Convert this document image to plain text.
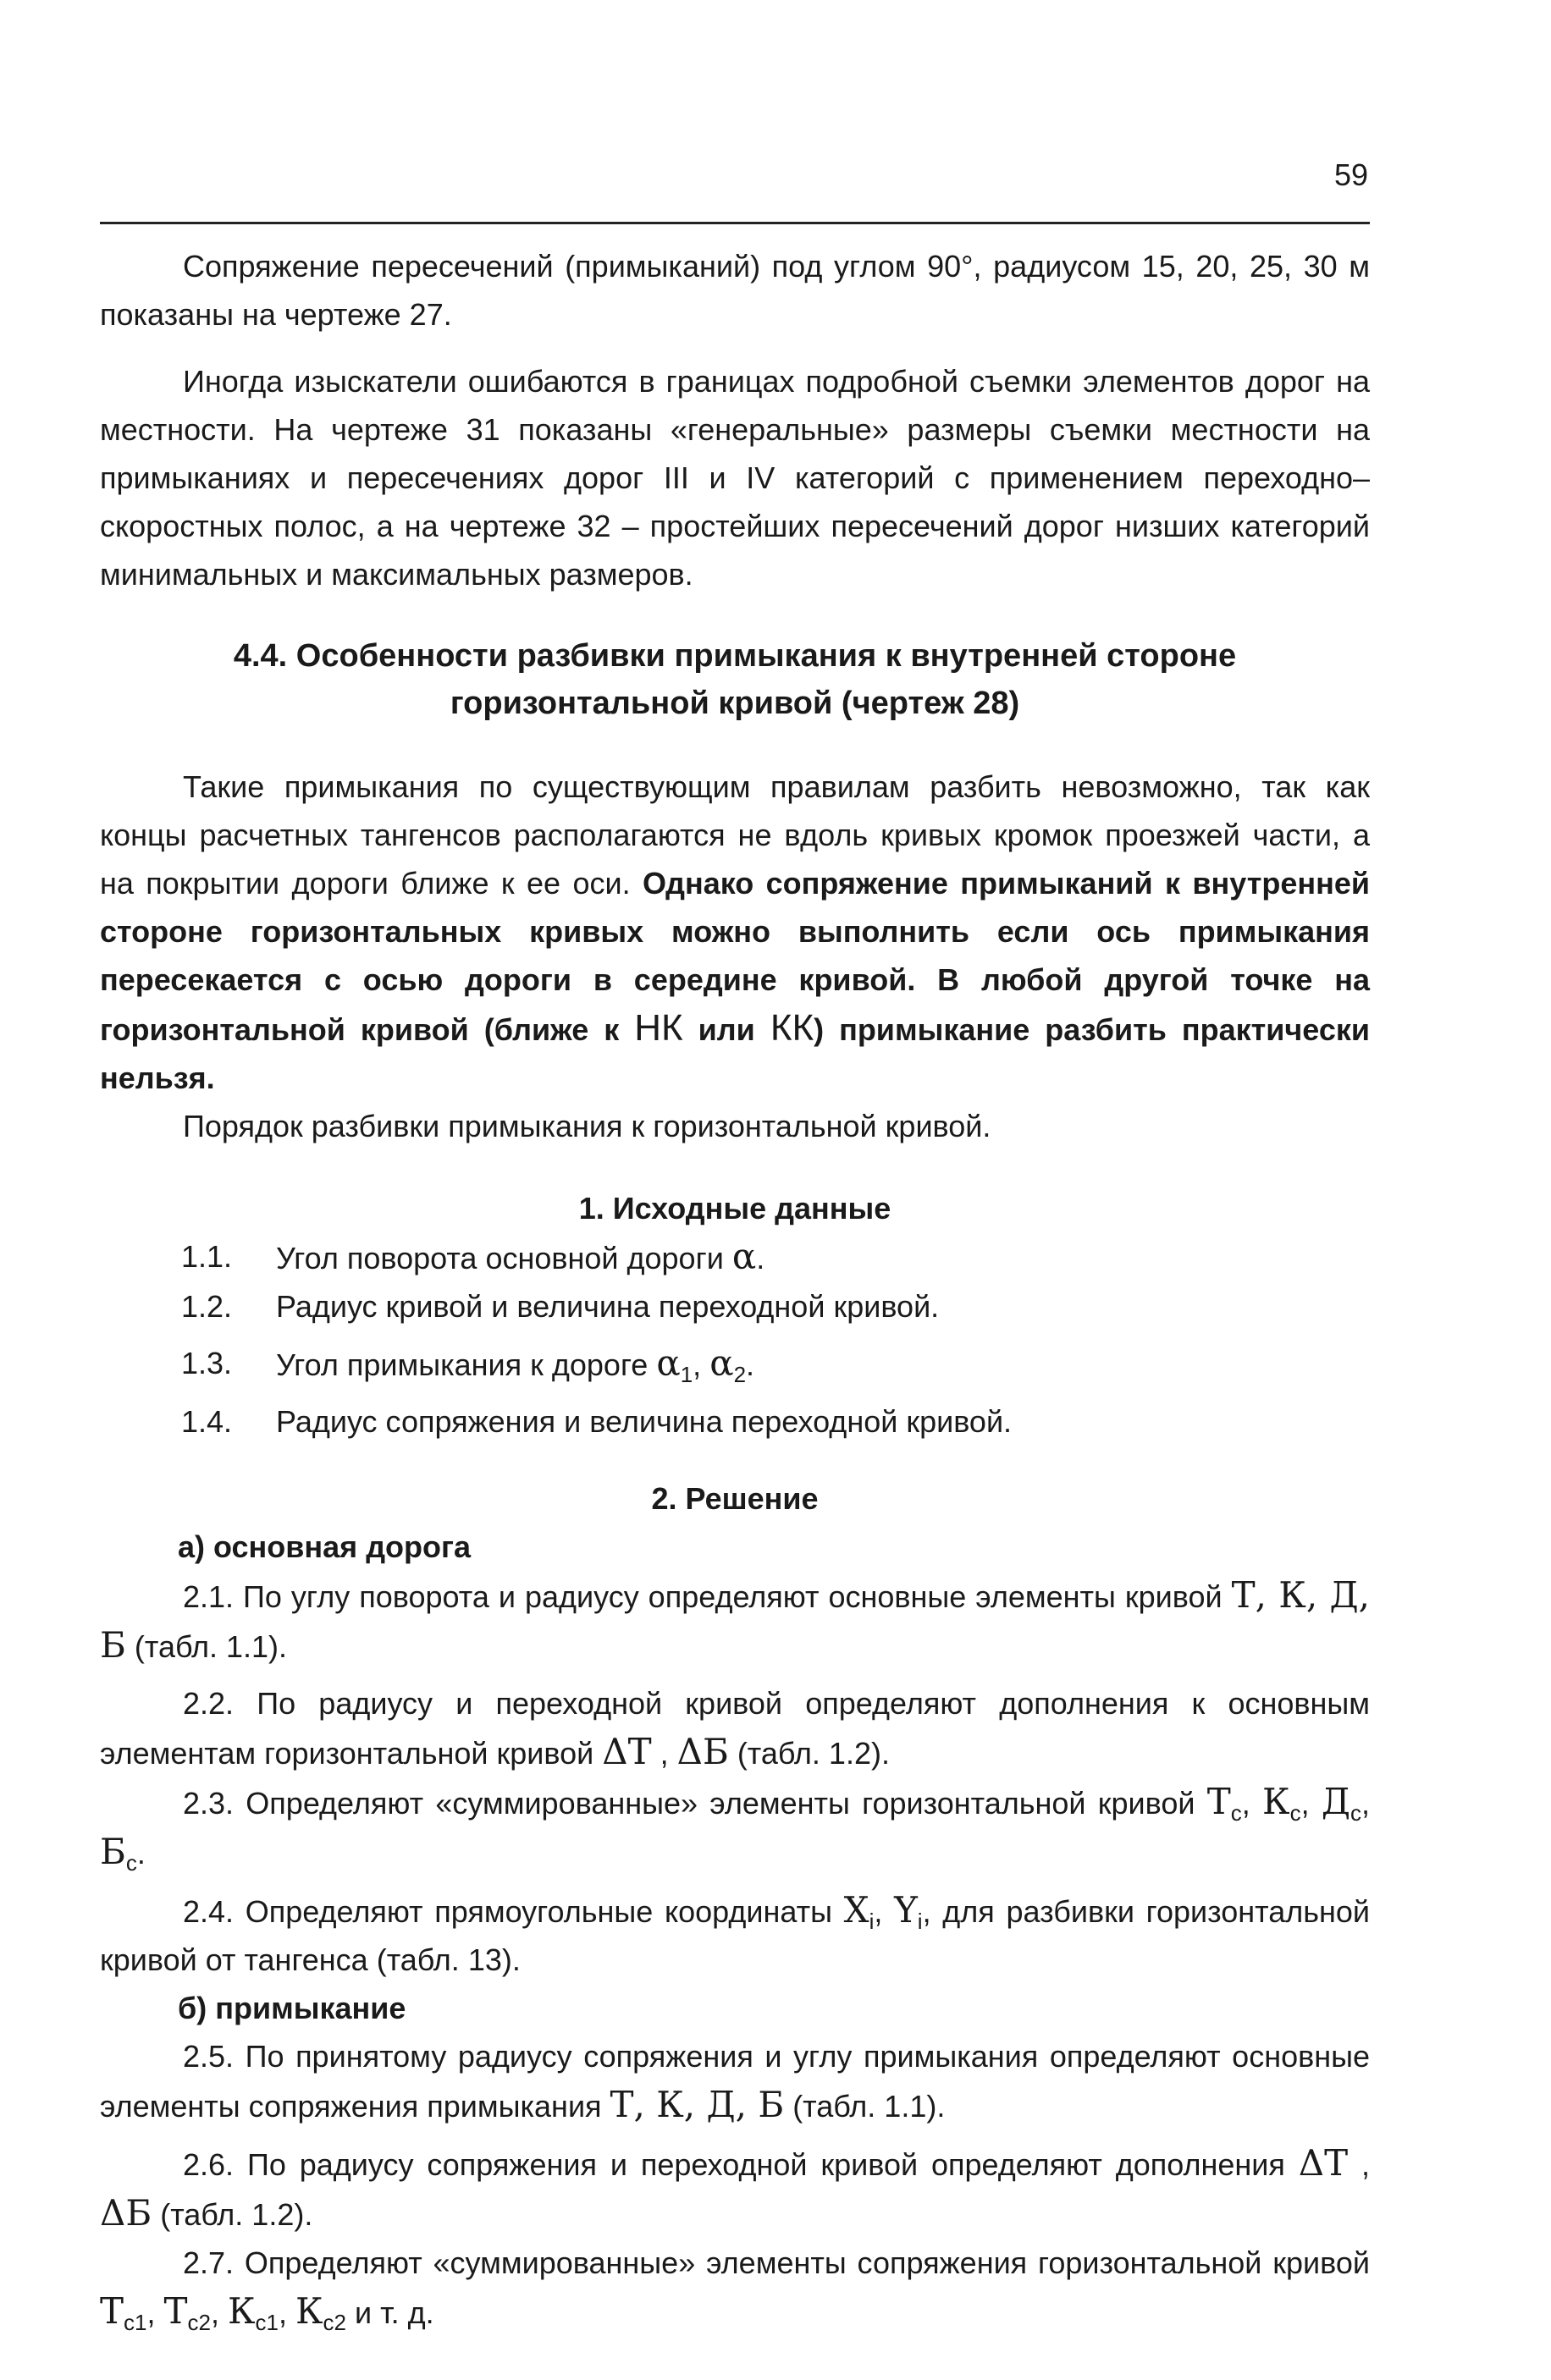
59

Сопряжение пересечений (примыканий) под углом 90°, радиусом 15, 20, 25, 30 м показаны на чертеже 27.

Иногда изыскатели ошибаются в границах подробной съемки элементов дорог на местности. На чертеже 31 показаны «генеральные» размеры съемки местности на примыканиях и пересечениях дорог III и IV категорий с применением переходно–скоростных полос, а на чертеже 32 – простейших пересечений дорог низших категорий минимальных и максимальных размеров.

4.4. Особенности разбивки примыкания к внутренней стороне
горизонтальной кривой (чертеж 28)

Такие примыкания по существующим правилам разбить невозможно, так как концы расчетных тангенсов располагаются не вдоль кривых кромок проезжей части, а на покрытии дороги ближе к ее оси. Однако сопряжение примыканий к внутренней стороне горизонтальных кривых можно выполнить если ось примыкания пересекается с осью дороги в середине кривой. В любой другой точке на горизонтальной кривой (ближе к НК или КК) примыкание разбить практически нельзя.

Порядок разбивки примыкания к горизонтальной кривой.

1. Исходные данные
1.1.	Угол поворота основной дороги α.
1.2.	Радиус кривой и величина переходной кривой.
1.3.	Угол примыкания к дороге $\alpha_1$, $\alpha_2$.
1.4.	Радиус сопряжения и величина переходной кривой.
2. Решение
а) основная дорога

2.1. По углу поворота и радиусу определяют основные элементы кривой Т, К, Д, Б (табл. 1.1).

2.2. По радиусу и переходной кривой определяют дополнения к основным элементам горизонтальной кривой ΔТ , ΔБ (табл. 1.2).

2.3. Определяют «суммированные» элементы горизонтальной кривой $Т_с$, $К_с$, $Д_с$, $Б_с$.

2.4. Определяют прямоугольные координаты $X_i$, $Y_i$, для разбивки горизонтальной кривой от тангенса (табл. 13).

б) примыкание

2.5. По принятому радиусу сопряжения и углу примыкания определяют основные элементы сопряжения примыкания Т, К, Д, Б (табл. 1.1).

2.6. По радиусу сопряжения и переходной кривой определяют дополнения ΔТ , ΔБ (табл. 1.2).

2.7. Определяют «суммированные» элементы сопряжения горизонтальной кривой $Т_{с1}$, $Т_{с2}$, $К_{с1}$, $К_{с2}$ и т. д.
